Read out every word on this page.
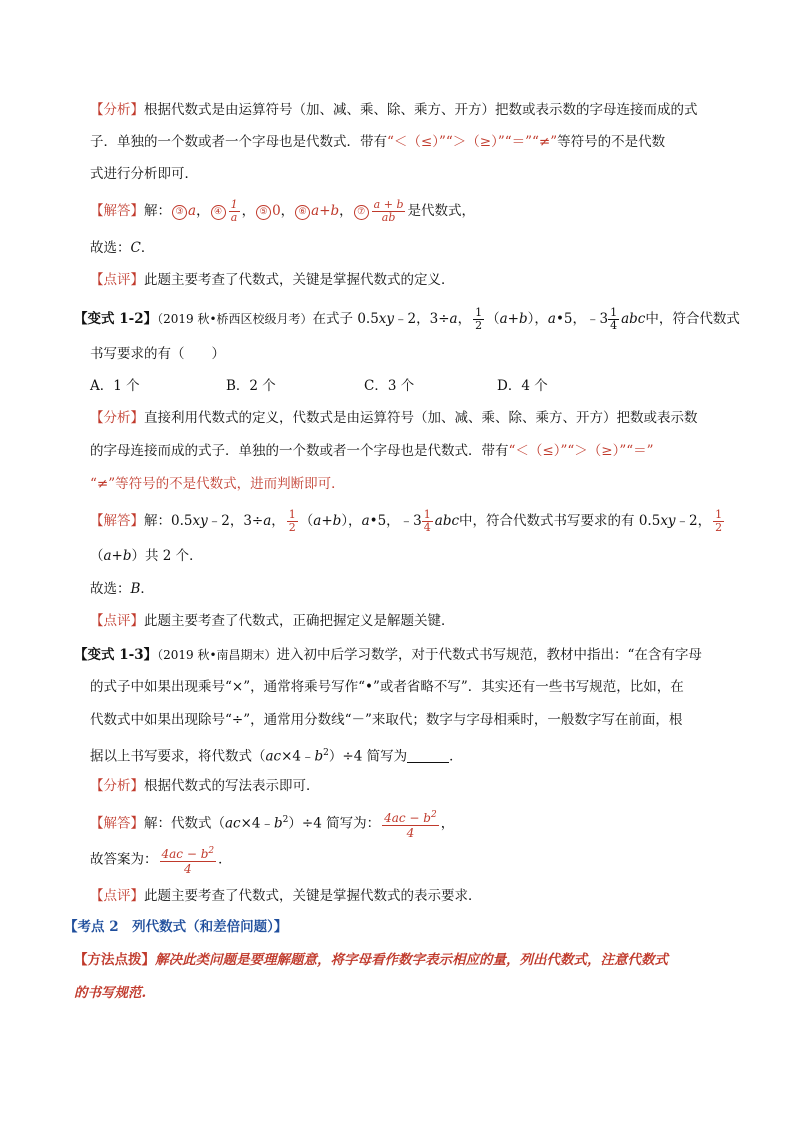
【分析】根据代数式是由运算符号（加、减、乘、除、乘方、开方）把数或表示数的字母连接而成的式
子．单独的一个数或者一个字母也是代数式．带有“＜（≤）”“＞（≥）”“＝”“≠”等符号的不是代数
式进行分析即可．
【解答】解： ③ a， ④ $\frac{1}{a}$ ， ⑤ 0， ⑥ a+b， ⑦ $\frac{a + b}{ab}$ 是代数式，
故选：C．
【点评】此题主要考查了代数式，关键是掌握代数式的定义．
【变式 1-2】（2019 秋•桥西区校级月考）在式子 0.5xy﹣2，3÷a， $\frac{1}{2} (a+b)$，a•5，﹣3 $\frac{1}{4}$ abc中，符合代数式
书写要求的有（　　）
A．1 个	B．2 个	C．3 个	D．4 个
【分析】直接利用代数式的定义，代数式是由运算符号（加、减、乘、除、乘方、开方）把数或表示数
的字母连接而成的式子．单独的一个数或者一个字母也是代数式．带有“＜（≤）”“＞（≥）”“＝”
“≠”等符号的不是代数式，进而判断即可．
【解答】解：0.5xy﹣2，3÷a， $\frac{1}{2} (a+b)$，a•5，﹣3 $\frac{1}{4}$ abc中，符合代数式书写要求的有 0.5xy﹣2， $\frac{1}{2}$
（a+b）共 2 个．
故选：B．
【点评】此题主要考查了代数式，正确把握定义是解题关键．
【变式 1-3】（2019 秋•南昌期末）进入初中后学习数学，对于代数式书写规范，教材中指出：“在含有字母
的式子中如果出现乘号“×”，通常将乘号写作“•”或者省略不写”．其实还有一些书写规范，比如，在
代数式中如果出现除号“÷”，通常用分数线“－”来取代；数字与字母相乘时，一般数字写在前面，根
据以上书写要求，将代数式$(ac\times 4﹣b^2)\div 4$ 简写为	．
【分析】根据代数式的写法表示即可．
【解答】解：代数式$(ac\times 4﹣b^2)\div 4$ 简写为： $\frac{4ac - b^2}{4}$ ，
故答案为： $\frac{4ac - b^2}{4}$ ．
【点评】此题主要考查了代数式，关键是掌握代数式的表示要求．
【考点 2　列代数式（和差倍问题）】
【方法点拨】解决此类问题是要理解题意，将字母看作数字表示相应的量，列出代数式，注意代数式
的书写规范.
